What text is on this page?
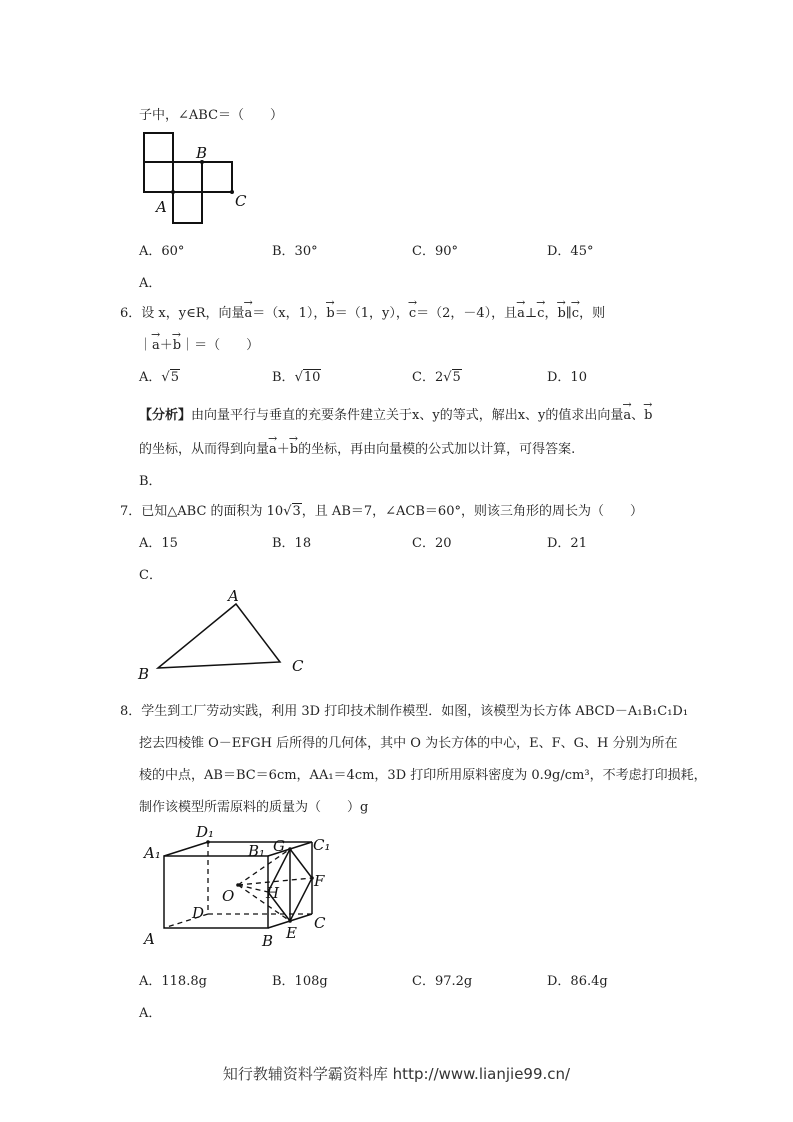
子中，∠ABC＝（　　）
B
A	C
A．60°	B．30°	C．90°	D．45°
A．
6．设 x，y∈R，向量→ a＝（x，1），→ b＝（1，y），→ c＝（2，－4），且→ a⊥→ c，→ b∥→ c，则
｜→ a＋→ b｜＝（　　）
A．√5	B．√10	C．2√5	D．10
【分析】由向量平行与垂直的充要条件建立关于x、y的等式，解出x、y的值求出向量→ a、→ b
的坐标，从而得到向量→ a＋→ b的坐标，再由向量模的公式加以计算，可得答案.
B．
7．已知△ABC 的面积为 10√3，且 AB＝7，∠ACB＝60°，则该三角形的周长为（　　）
A．15	B．18	C．20	D．21
C．
A
B	C
8．学生到工厂劳动实践，利用 3D 打印技术制作模型．如图，该模型为长方体 ABCD－A₁B₁C₁D₁
挖去四棱锥 O－EFGH 后所得的几何体，其中 O 为长方体的中心，E、F、G、H 分别为所在
棱的中点，AB＝BC＝6cm，AA₁＝4cm，3D 打印所用原料密度为 0.9g/cm³，不考虑打印损耗，
制作该模型所需原料的质量为（　　）g
A₁
D₁
B₁ G C₁
O H
F
D
A	B E
C
A．118.8g	B．108g	C．97.2g	D．86.4g
A．
知行教辅资料学霸资料库 http://www.lianjie99.cn/
